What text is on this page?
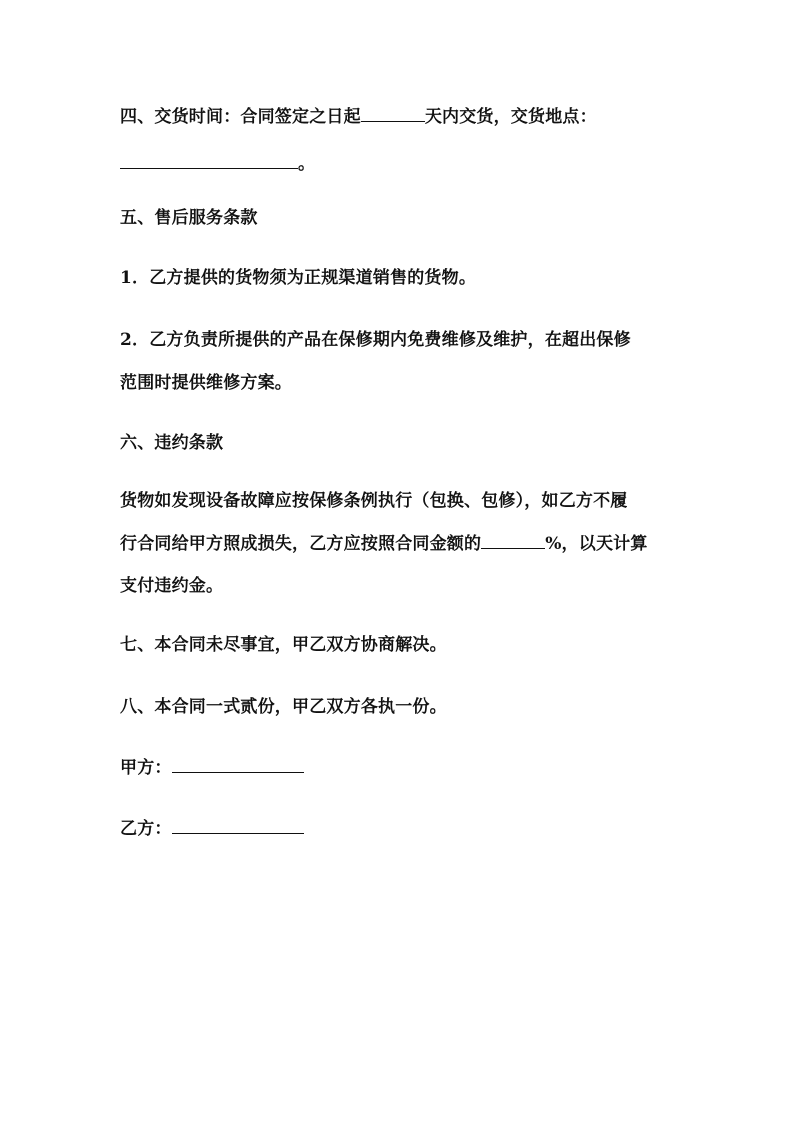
四、交货时间：合同签定之日起	天内交货，交货地点：

。

五、售后服务条款

1．乙方提供的货物须为正规渠道销售的货物。

2．乙方负责所提供的产品在保修期内免费维修及维护，在超出保修

范围时提供维修方案。

六、违约条款

货物如发现设备故障应按保修条例执行（包换、包修），如乙方不履

行合同给甲方照成损失，乙方应按照合同金额的	%，以天计算

支付违约金。

七、本合同未尽事宜，甲乙双方协商解决。

八、本合同一式贰份，甲乙双方各执一份。

甲方：

乙方：
